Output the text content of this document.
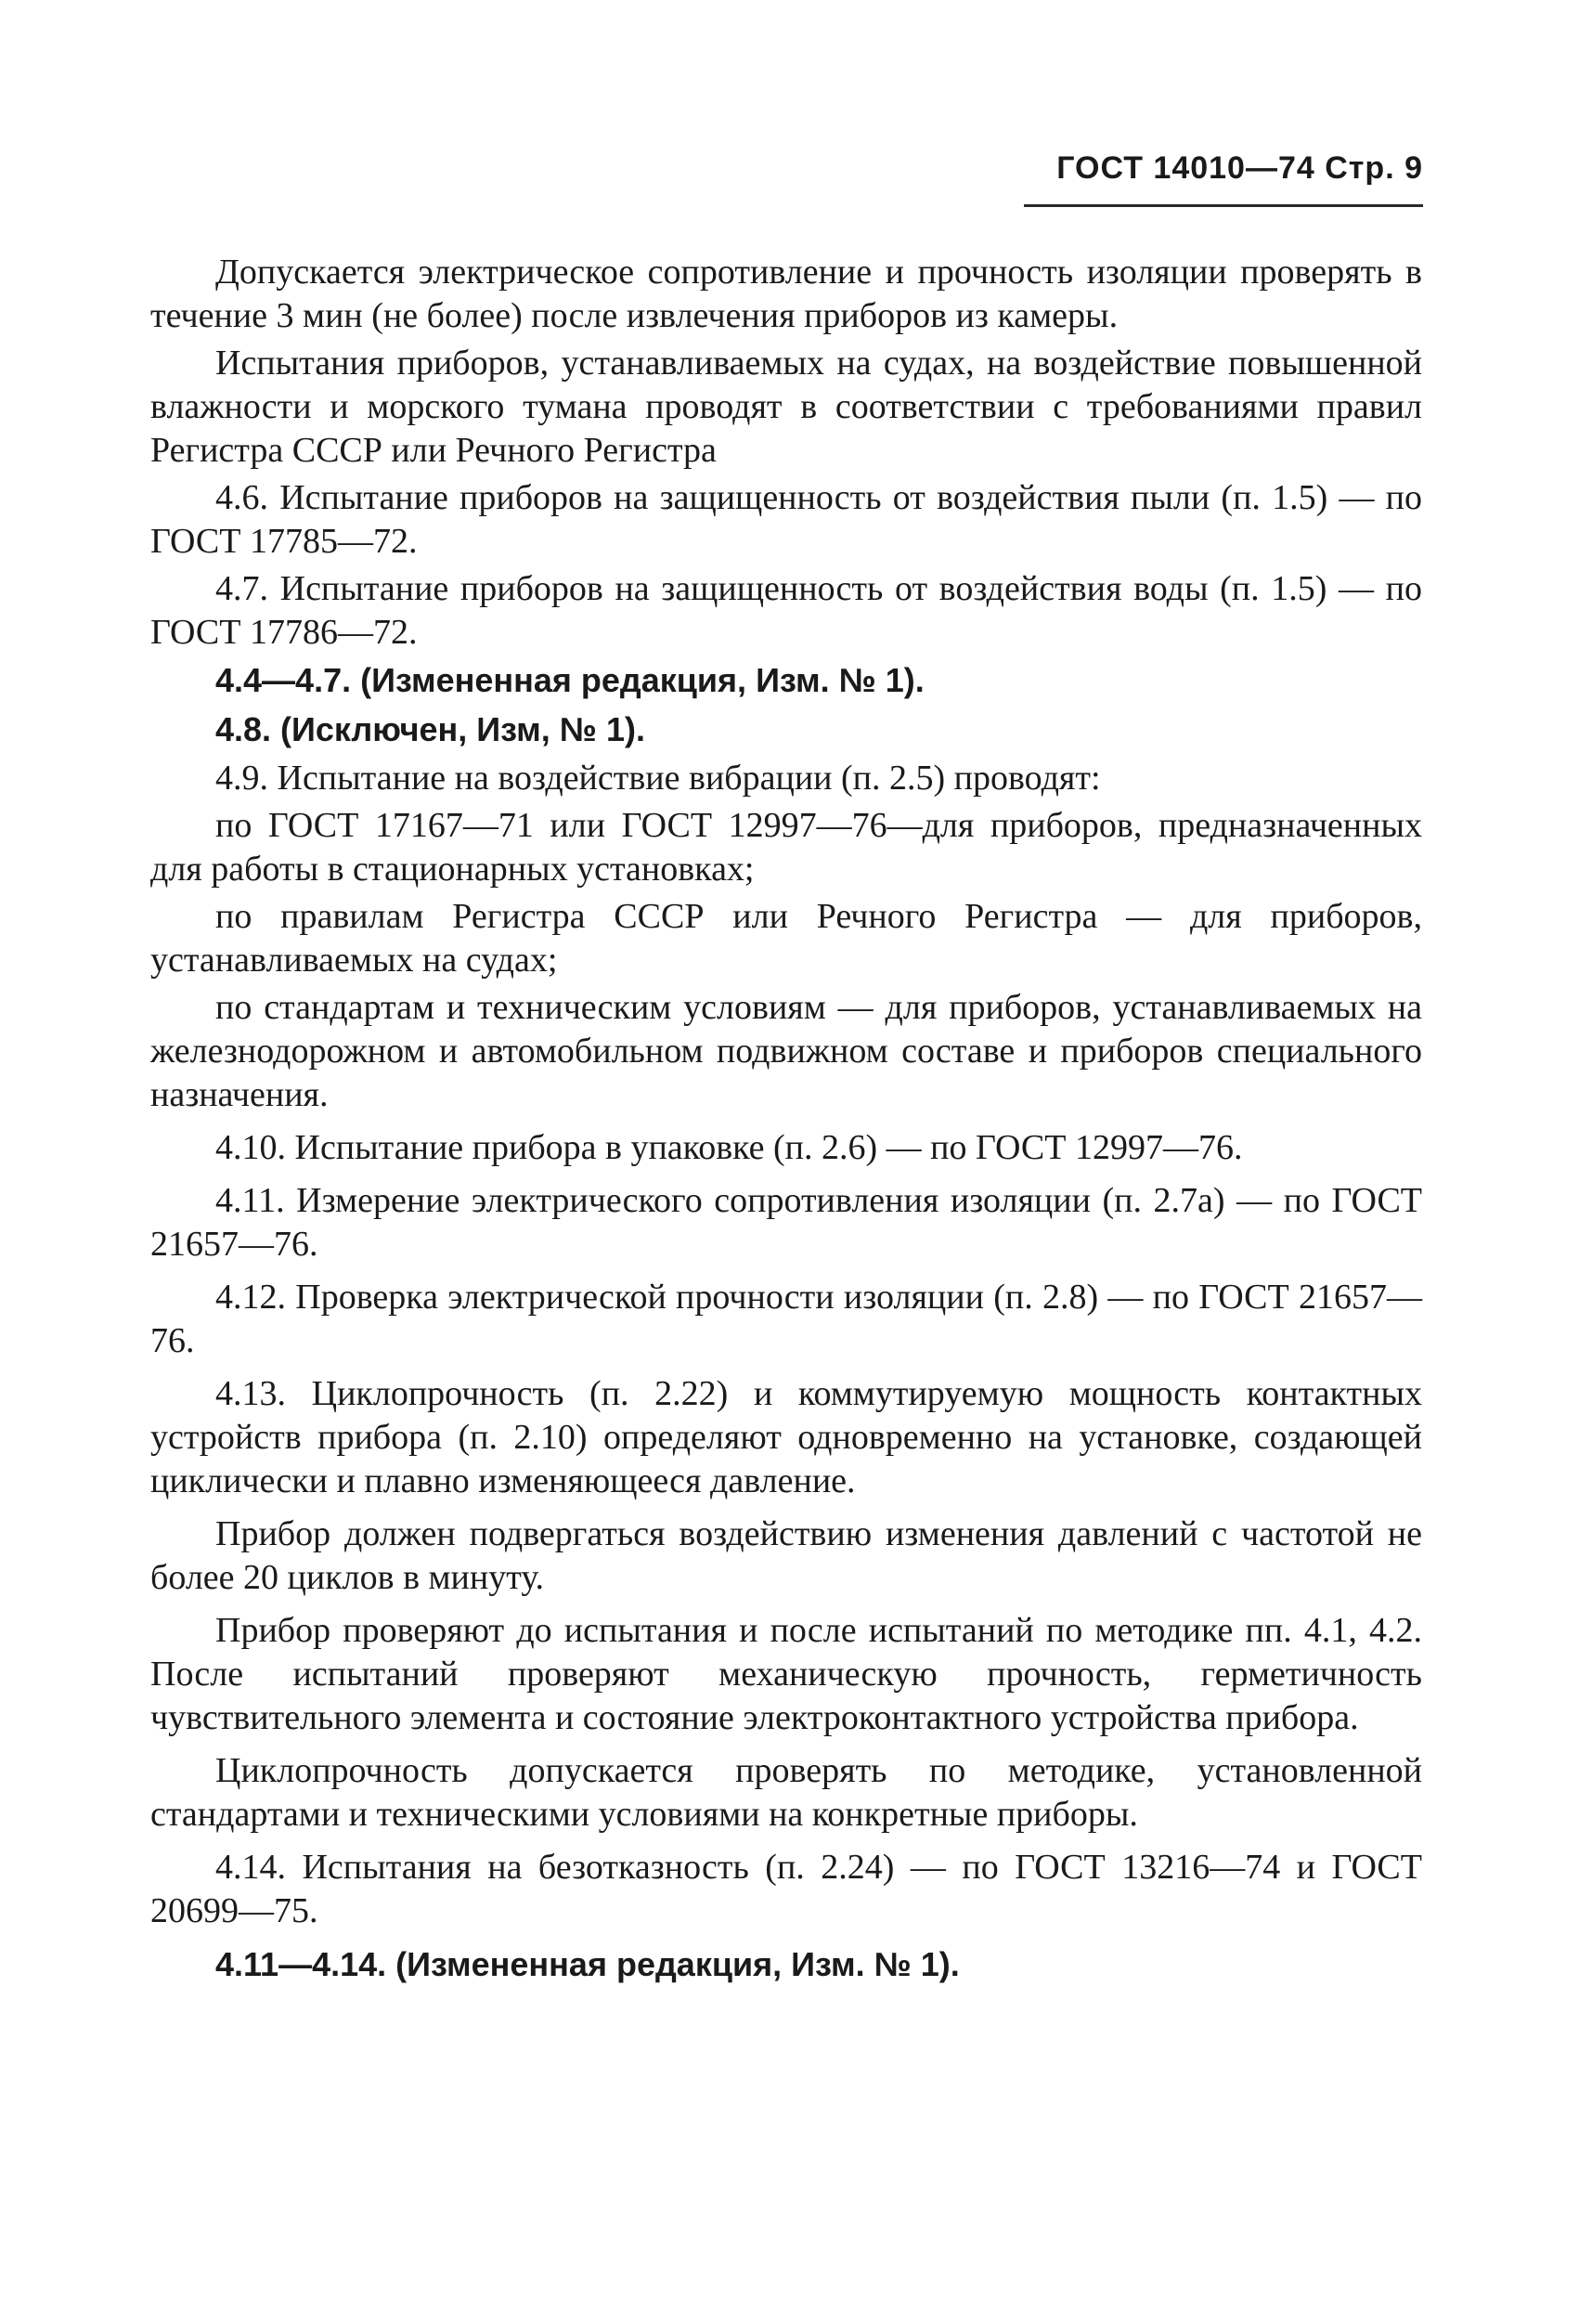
ГОСТ 14010—74 Стр. 9

Допускается электрическое сопротивление и прочность изоляции проверять в течение 3 мин (не более) после извлечения приборов из камеры.

Испытания приборов, устанавливаемых на судах, на воздействие повышенной влажности и морского тумана проводят в соответствии с требованиями правил Регистра СССР или Речного Регистра

4.6. Испытание приборов на защищенность от воздействия пыли (п. 1.5) — по ГОСТ 17785—72.

4.7. Испытание приборов на защищенность от воздействия воды (п. 1.5) — по ГОСТ 17786—72.

4.4—4.7. (Измененная редакция, Изм. № 1).

4.8. (Исключен, Изм, № 1).

4.9. Испытание на воздействие вибрации (п. 2.5) проводят:

по ГОСТ 17167—71 или ГОСТ 12997—76—для приборов, предназначенных для работы в стационарных установках;

по правилам Регистра СССР или Речного Регистра — для приборов, устанавливаемых на судах;

по стандартам и техническим условиям — для приборов, устанавливаемых на железнодорожном и автомобильном подвижном составе и приборов специального назначения.

4.10. Испытание прибора в упаковке (п. 2.6) — по ГОСТ 12997—76.

4.11. Измерение электрического сопротивления изоляции (п. 2.7а) — по ГОСТ 21657—76.

4.12. Проверка электрической прочности изоляции (п. 2.8) — по ГОСТ 21657—76.

4.13. Циклопрочность (п. 2.22) и коммутируемую мощность контактных устройств прибора (п. 2.10) определяют одновременно на установке, создающей циклически и плавно изменяющееся давление.

Прибор должен подвергаться воздействию изменения давлений с частотой не более 20 циклов в минуту.

Прибор проверяют до испытания и после испытаний по методике пп. 4.1, 4.2. После испытаний проверяют механическую прочность, герметичность чувствительного элемента и состояние электроконтактного устройства прибора.

Циклопрочность допускается проверять по методике, установленной стандартами и техническими условиями на конкретные приборы.

4.14. Испытания на безотказность (п. 2.24) — по ГОСТ 13216—74 и ГОСТ 20699—75.

4.11—4.14. (Измененная редакция, Изм. № 1).
